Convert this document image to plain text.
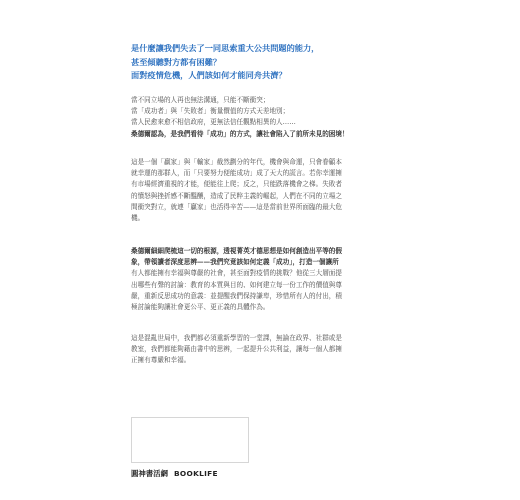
是什麼讓我們失去了一同思索重大公共問題的能力，
甚至傾聽對方都有困難？
面對疫情危機，人們該如何才能同舟共濟？
當不同立場的人再也無法溝通，只能不斷衝突；
當「成功者」與「失敗者」衡量價值的方式天差地別；
當人民愈來愈不相信政府，更無法信任觀點相異的人……
桑德爾認為，是我們看待「成功」的方式，讓社會陷入了前所未見的困境！
這是一個「贏家」與「輸家」截然劃分的年代，機會與命運，只會眷顧本
就幸運的那群人，而「只要努力便能成功」成了天大的謊言。若你幸運擁
有市場經濟重視的才能，便能往上爬；反之，只能跌落機會之梯。失敗者
的憤怒與挫折感不斷醞釀，造成了民粹主義的崛起，人們在不同的立場之
間衝突對立，就連「贏家」也活得辛苦——這是當前世界所面臨的最大危
機。
桑德爾細細爬梳這一切的根源，透視菁英才德思想是如何創造出平等的假
象，帶領讀者深度思辨——我們究竟該如何定義「成功」，打造一個讓所
有人都能擁有幸福與尊嚴的社會，甚至面對疫情的挑戰？他從三大層面提
出哪些有聲的討論：教育的本質與目的、如何建立每一份工作的價值與尊
嚴，重新反思成功的意義：並提醒我們保持謙卑，珍惜所有人的付出，積
極討論能夠讓社會更公平、更正義的具體作為。
這是混亂世局中，我們都必須重新學習的一堂課，無論在政界、社群或是
教室，我們都能夠藉由書中的思辨，一起提升公共利益，讓每一個人都擁
正擁有尊嚴和幸福。
圓神書活網 BOOKLIFE
